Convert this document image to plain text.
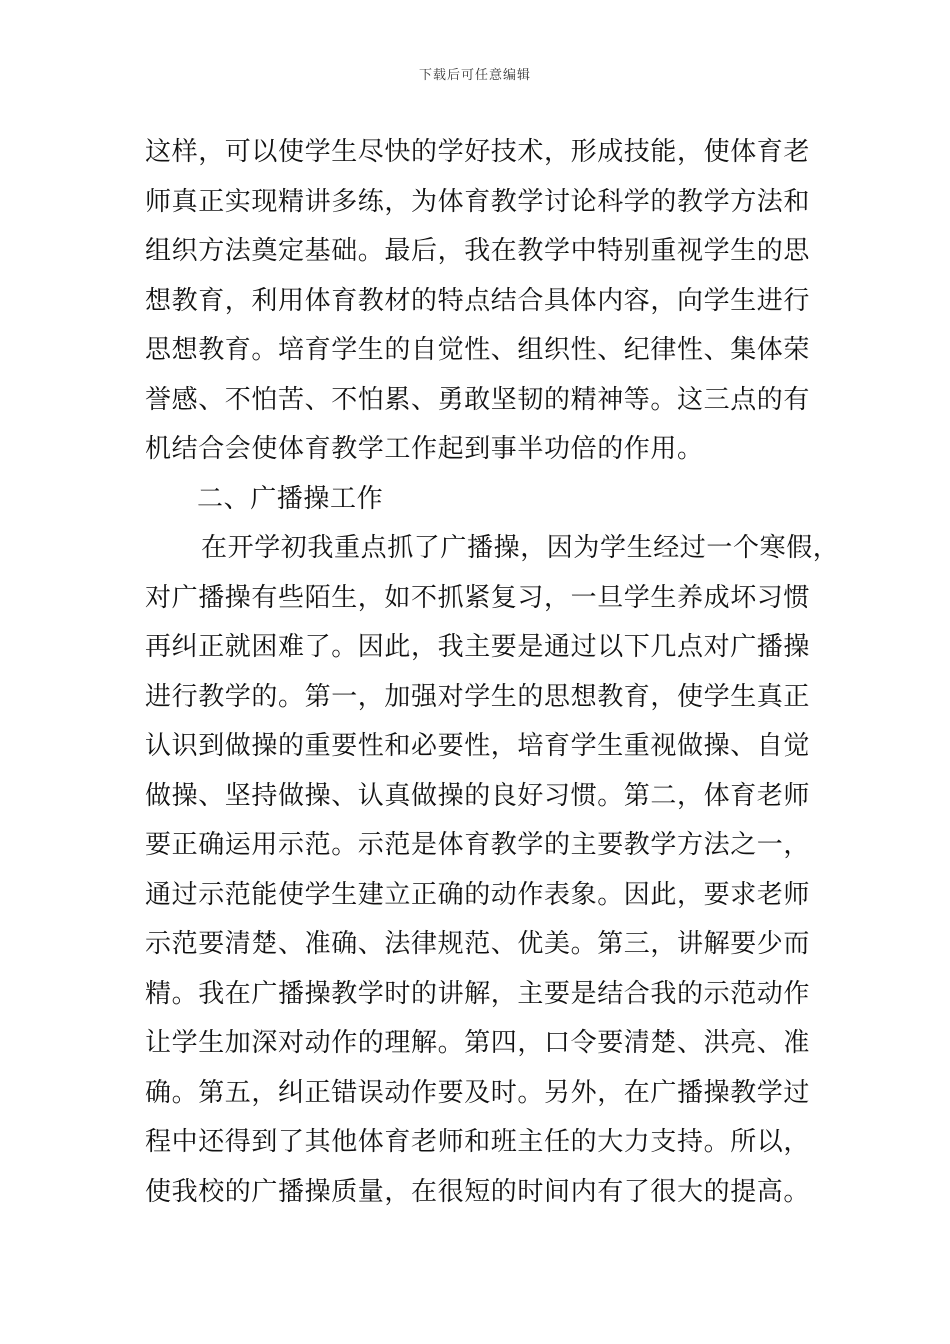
下载后可任意编辑
这样，可以使学生尽快的学好技术，形成技能，使体育老
师真正实现精讲多练，为体育教学讨论科学的教学方法和
组织方法奠定基础。最后，我在教学中特别重视学生的思
想教育，利用体育教材的特点结合具体内容，向学生进行
思想教育。培育学生的自觉性、组织性、纪律性、集体荣
誉感、不怕苦、不怕累、勇敢坚韧的精神等。这三点的有
机结合会使体育教学工作起到事半功倍的作用。
二、广播操工作
在开学初我重点抓了广播操，因为学生经过一个寒假，
对广播操有些陌生，如不抓紧复习，一旦学生养成坏习惯
再纠正就困难了。因此，我主要是通过以下几点对广播操
进行教学的。第一，加强对学生的思想教育，使学生真正
认识到做操的重要性和必要性，培育学生重视做操、自觉
做操、坚持做操、认真做操的良好习惯。第二，体育老师
要正确运用示范。示范是体育教学的主要教学方法之一，
通过示范能使学生建立正确的动作表象。因此，要求老师
示范要清楚、准确、法律规范、优美。第三，讲解要少而
精。我在广播操教学时的讲解，主要是结合我的示范动作
让学生加深对动作的理解。第四，口令要清楚、洪亮、准
确。第五，纠正错误动作要及时。另外，在广播操教学过
程中还得到了其他体育老师和班主任的大力支持。所以，
使我校的广播操质量，在很短的时间内有了很大的提高。
